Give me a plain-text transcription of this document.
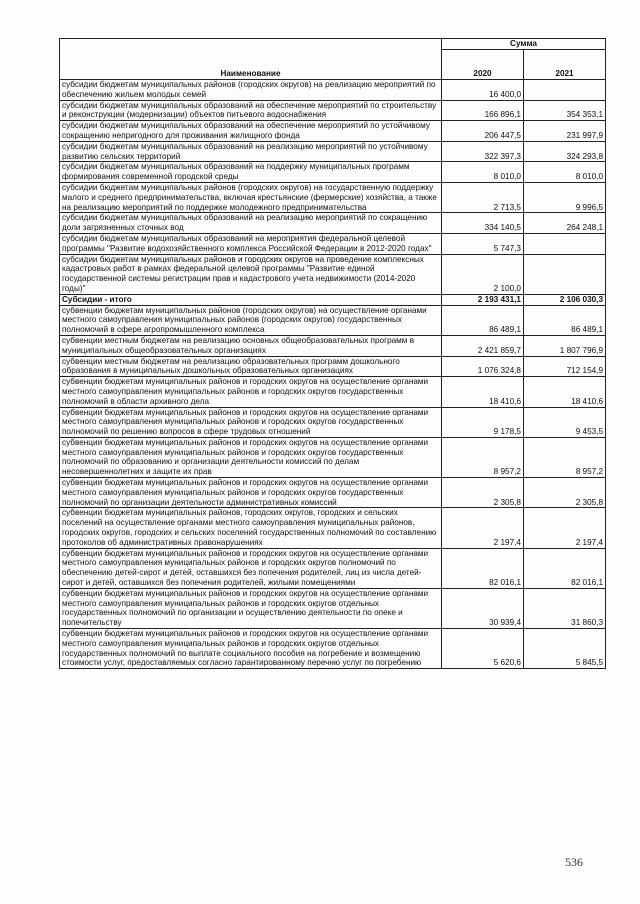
Наименование	Сумма	
	2020	2021
субсидии бюджетам муниципальных районов (городских округов) на реализацию мероприятий по обеспечению жильем молодых семей	16 400,0	
субсидии бюджетам муниципальных образований на обеспечение мероприятий по строительству и реконструкции (модернизации) объектов питьевого водоснабжения	166 896,1	354 353,1
субсидии бюджетам муниципальных образований на обеспечение мероприятий по устойчивому сокращению непригодного для проживания жилищного фонда	206 447,5	231 997,9
субсидии бюджетам муниципальных образований на реализацию мероприятий по устойчивому развитию сельских территорий	322 397,3	324 293,8
субсидии бюджетам муниципальных образований на поддержку муниципальных программ формирования современной городской среды	8 010,0	8 010,0
субсидии бюджетам муниципальных районов (городских округов) на государственную поддержку малого и среднего предпринимательства, включая крестьянские (фермерские) хозяйства, а также на реализацию мероприятий по поддержке молодежного предпринимательства	2 713,5	9 996,5
субсидии бюджетам муниципальных образований на реализацию мероприятий по сокращению доли загрязненных сточных вод	334 140,5	264 248,1
субсидии бюджетам муниципальных образований на мероприятия федеральной целевой программы "Развитие водохозяйственного комплекса Российской Федерации в 2012-2020 годах"	5 747,3	
субсидии бюджетам муниципальных районов и городских округов на проведение комплексных кадастровых работ в рамках федеральной целевой программы "Развитие единой государственной системы регистрации прав и кадастрового учета недвижимости (2014-2020 годы)"	2 100,0	
Субсидии - итого	2 193 431,1	2 106 030,3
субвенции бюджетам муниципальных районов (городских округов) на осуществление органами местного самоуправления муниципальных районов (городских округов) государственных полномочий в сфере агропромышленного комплекса	86 489,1	86 489,1
субвенции местным бюджетам на реализацию основных общеобразовательных программ в муниципальных общеобразовательных организациях	2 421 859,7	1 807 796,9
субвенции местным бюджетам на реализацию образовательных программ дошкольного образования в муниципальных дошкольных образовательных организациях	1 076 324,8	712 154,9
субвенции бюджетам муниципальных районов и городских округов на осуществление органами местного самоуправления муниципальных районов и городских округов государственных полномочий в области архивного дела	18 410,6	18 410,6
субвенции бюджетам муниципальных районов и городских округов на осуществление органами местного самоуправления муниципальных районов и городских округов государственных полномочий по решению вопросов в сфере трудовых отношений	9 178,5	9 453,5
субвенции бюджетам муниципальных районов и городских округов на осуществление органами местного самоуправления муниципальных районов и городских округов государственных полномочий по образованию и организации деятельности комиссий по делам несовершеннолетних и защите их прав	8 957,2	8 957,2
субвенции бюджетам муниципальных районов и городских округов на осуществление органами местного самоуправления муниципальных районов и городских округов государственных полномочий по организации деятельности административных комиссий	2 305,8	2 305,8
субвенции бюджетам муниципальных районов, городских округов, городских и сельских поселений на осуществление органами местного самоуправления муниципальных районов, городских округов, городских и сельских поселений государственных полномочий по составлению протоколов об административных правонарушениях	2 197,4	2 197,4
субвенции бюджетам муниципальных районов и городских округов на осуществление органами местного самоуправления муниципальных районов и городских округов полномочий по обеспечению детей-сирот и детей, оставшихся без попечения родителей, лиц из числа детей-сирот и детей, оставшихся без попечения родителей, жилыми помещениями	82 016,1	82 016,1
субвенции бюджетам муниципальных районов и городских округов на осуществление органами местного самоуправления муниципальных районов и городских округов отдельных государственных полномочий по организации и осуществлению деятельности по опеке и попечительству	30 939,4	31 860,3
субвенции бюджетам муниципальных районов и городских округов на осуществление органами местного самоуправления муниципальных районов и городских округов отдельных государственных полномочий по выплате социального пособия на погребение и возмещению стоимости услуг, предоставляемых согласно гарантированному перечню услуг по погребению	5 620,6	5 845,5
536
